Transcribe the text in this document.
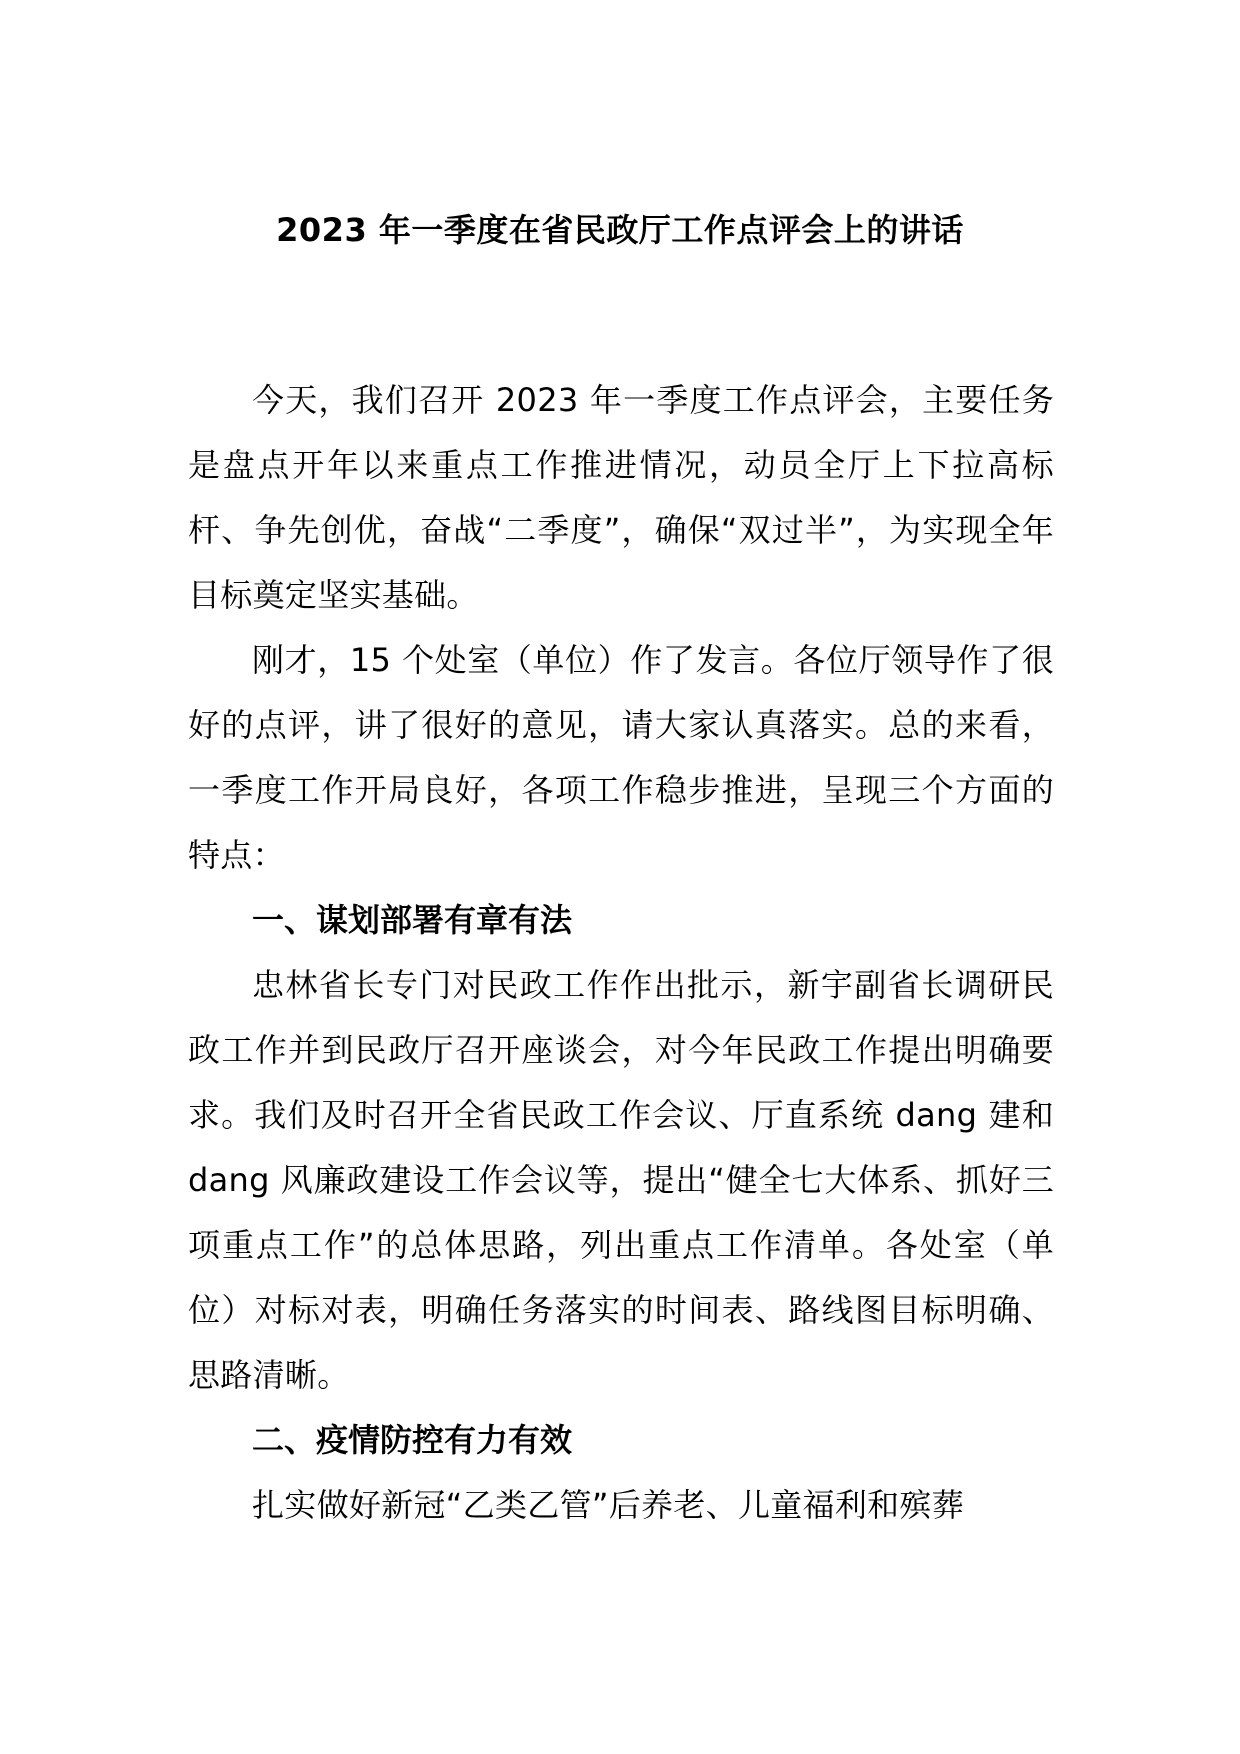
2023 年一季度在省民政厅工作点评会上的讲话

今天，我们召开 2023 年一季度工作点评会，主要任务是盘点开年以来重点工作推进情况，动员全厅上下拉高标杆、争先创优，奋战“二季度”，确保“双过半”，为实现全年目标奠定坚实基础。

刚才，15 个处室（单位）作了发言。各位厅领导作了很好的点评，讲了很好的意见，请大家认真落实。总的来看，一季度工作开局良好，各项工作稳步推进，呈现三个方面的特点：

一、谋划部署有章有法

忠林省长专门对民政工作作出批示，新宇副省长调研民政工作并到民政厅召开座谈会，对今年民政工作提出明确要求。我们及时召开全省民政工作会议、厅直系统 dang 建和 dang 风廉政建设工作会议等，提出“健全七大体系、抓好三项重点工作”的总体思路，列出重点工作清单。各处室（单位）对标对表，明确任务落实的时间表、路线图目标明确、思路清晰。

二、疫情防控有力有效

扎实做好新冠“乙类乙管”后养老、儿童福利和殡葬
